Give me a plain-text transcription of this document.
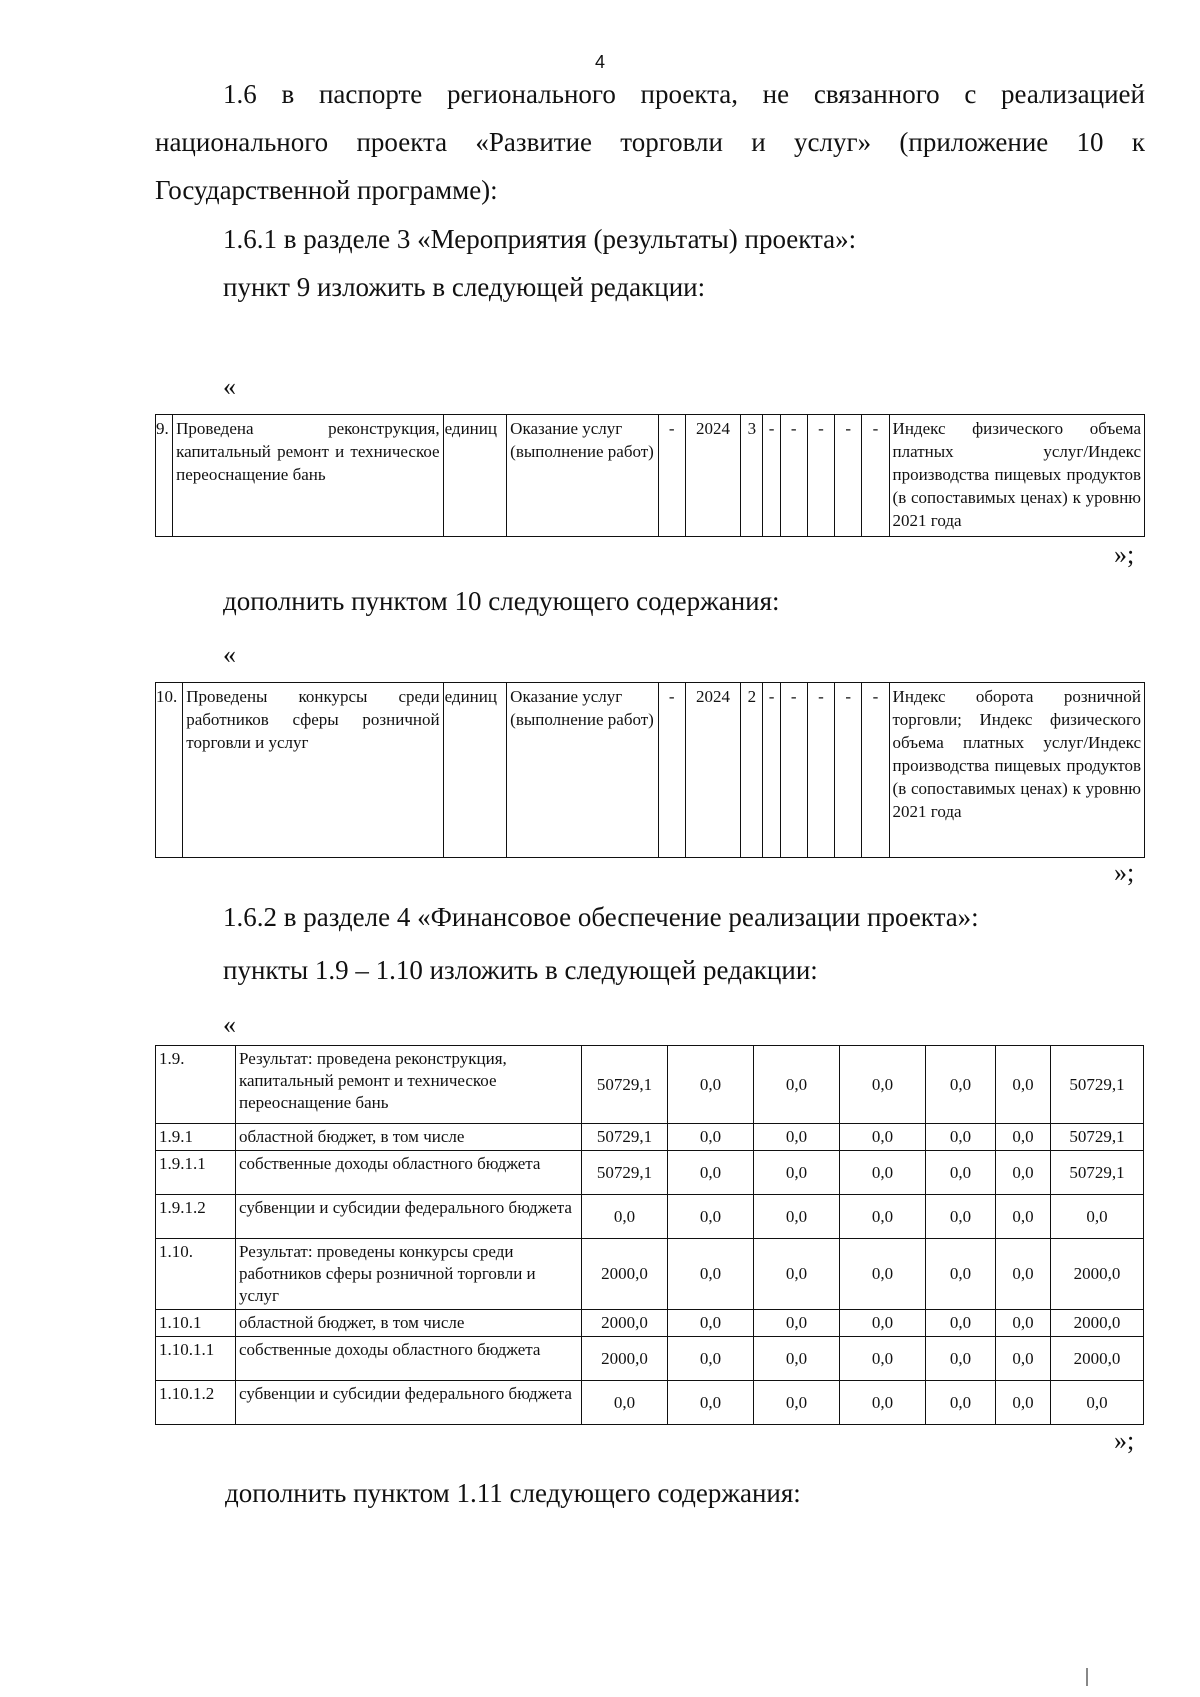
4
1.6 в паспорте регионального проекта, не связанного с реализацией национального проекта «Развитие торговли и услуг» (приложение 10 к Государственной программе):
1.6.1 в разделе 3 «Мероприятия (результаты) проекта»:
пункт 9 изложить в следующей редакции:
«
9.	Проведена реконструкция, капитальный ремонт и техническое переоснащение бань	единиц	Оказание услуг (выполнение работ)	-	2024	3	-	-	-	-	-	Индекс физического объема платных услуг/Индекс производства пищевых продуктов (в сопоставимых ценах) к уровню 2021 года
»;
дополнить пунктом 10 следующего содержания:
«
10.	Проведены конкурсы среди работников сферы розничной торговли и услуг	единиц	Оказание услуг (выполнение работ)	-	2024	2	-	-	-	-	-	Индекс оборота розничной торговли; Индекс физического объема платных услуг/Индекс производства пищевых продуктов (в сопоставимых ценах) к уровню 2021 года
»;
1.6.2 в разделе 4 «Финансовое обеспечение реализации проекта»:
пункты 1.9 – 1.10 изложить в следующей редакции:
«
1.9.	Результат: проведена реконструкция, капитальный ремонт и техническое переоснащение бань	50729,1	0,0	0,0	0,0	0,0	0,0	50729,1
1.9.1	областной бюджет, в том числе	50729,1	0,0	0,0	0,0	0,0	0,0	50729,1
1.9.1.1	собственные доходы областного бюджета	50729,1	0,0	0,0	0,0	0,0	0,0	50729,1
1.9.1.2	субвенции и субсидии федерального бюджета	0,0	0,0	0,0	0,0	0,0	0,0	0,0
1.10.	Результат: проведены конкурсы среди работников сферы розничной торговли и услуг	2000,0	0,0	0,0	0,0	0,0	0,0	2000,0
1.10.1	областной бюджет, в том числе	2000,0	0,0	0,0	0,0	0,0	0,0	2000,0
1.10.1.1	собственные доходы областного бюджета	2000,0	0,0	0,0	0,0	0,0	0,0	2000,0
1.10.1.2	субвенции и субсидии федерального бюджета	0,0	0,0	0,0	0,0	0,0	0,0	0,0
»;
дополнить пунктом 1.11 следующего содержания:
